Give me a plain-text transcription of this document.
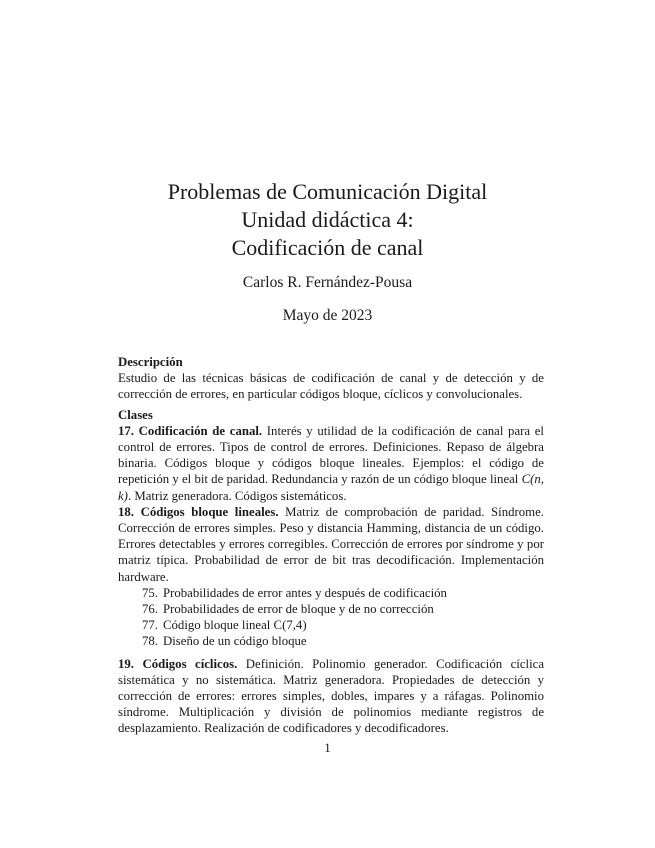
Problemas de Comunicación Digital
Unidad didáctica 4:
Codificación de canal
Carlos R. Fernández-Pousa
Mayo de 2023
Descripción
Estudio de las técnicas básicas de codificación de canal y de detección y de corrección de errores, en particular códigos bloque, cíclicos y convolucionales.
Clases
17. Codificación de canal. Interés y utilidad de la codificación de canal para el control de errores. Tipos de control de errores. Definiciones. Repaso de álgebra binaria. Códigos bloque y códigos bloque lineales. Ejemplos: el código de repetición y el bit de paridad. Redundancia y razón de un código bloque lineal C(n, k). Matriz generadora. Códigos sistemáticos.
18. Códigos bloque lineales. Matriz de comprobación de paridad. Síndrome. Corrección de errores simples. Peso y distancia Hamming, distancia de un código. Errores detectables y errores corregibles. Corrección de errores por síndrome y por matriz típica. Probabilidad de error de bit tras decodificación. Implementación hardware.
75. Probabilidades de error antes y después de codificación
76. Probabilidades de error de bloque y de no corrección
77. Código bloque lineal C(7,4)
78. Diseño de un código bloque
19. Códigos cíclicos. Definición. Polinomio generador. Codificación cíclica sistemática y no sistemática. Matriz generadora. Propiedades de detección y corrección de errores: errores simples, dobles, impares y a ráfagas. Polinomio síndrome. Multiplicación y división de polinomios mediante registros de desplazamiento. Realización de codificadores y decodificadores.
1
